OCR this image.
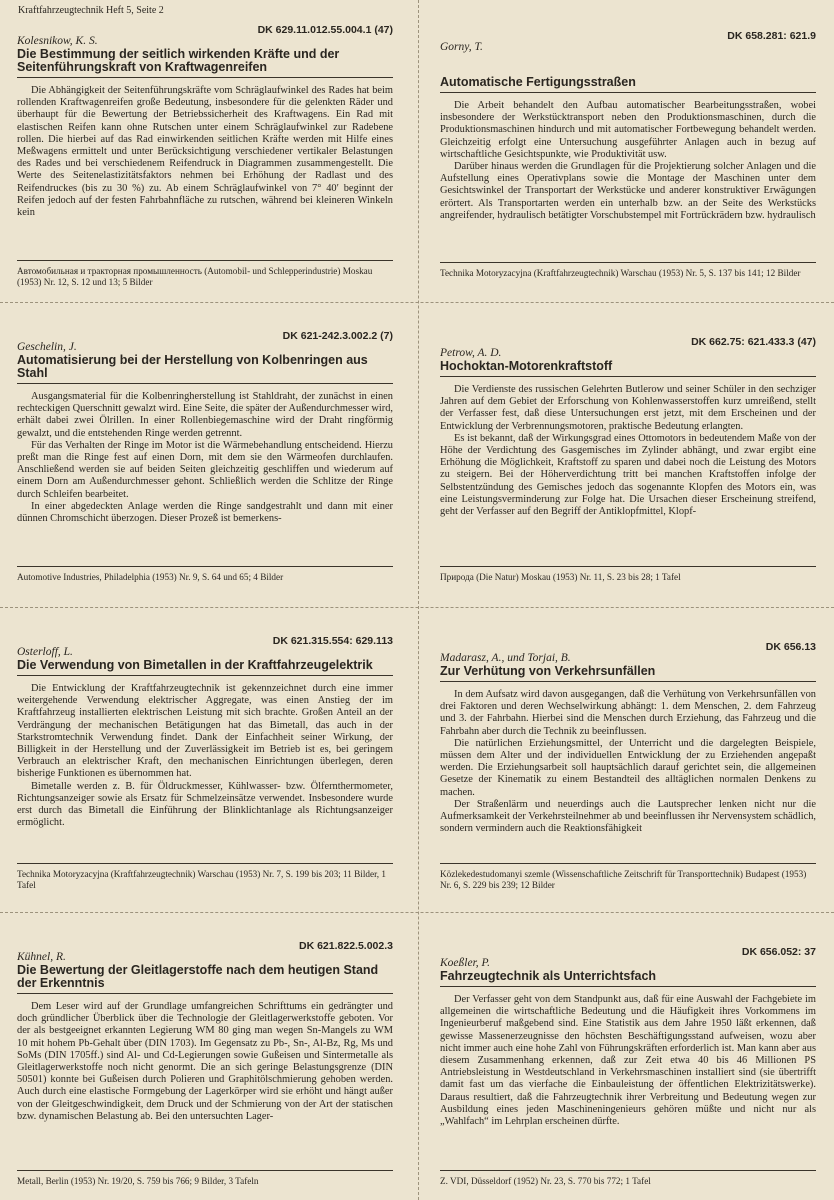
Kraftfahrzeugtechnik Heft 5, Seite 2
DK 629.11.012.55.004.1 (47)
Kolesnikow, K. S.
Die Bestimmung der seitlich wirkenden Kräfte und der Seitenführungskraft von Kraftwagenreifen

Die Abhängigkeit der Seitenführungskräfte vom Schräglaufwinkel des Rades hat beim rollenden Kraftwagenreifen große Bedeutung, insbesondere für die gelenkten Räder und überhaupt für die Bewertung der Betriebssicherheit des Kraftwagens. Ein Rad mit elastischen Reifen kann ohne Rutschen unter einem Schräglaufwinkel zur Radebene rollen. Die hierbei auf das Rad einwirkenden seitlichen Kräfte werden mit Hilfe eines Meßwagens ermittelt und unter Berücksichtigung verschiedener vertikaler Belastungen des Rades und bei verschiedenem Reifendruck in Diagrammen zusammengestellt. Die Werte des Seitenelastizitätsfaktors nehmen bei Erhöhung der Radlast und des Reifendruckes (bis zu 30 %) zu. Ab einem Schräglaufwinkel von 7° 40′ beginnt der Reifen jedoch auf der festen Fahrbahnfläche zu rutschen, während bei kleineren Winkeln kein

Автомобильная и тракторная промышленность (Automobil- und Schlepperindustrie) Moskau (1953) Nr. 12, S. 12 und 13; 5 Bilder
DK 658.281: 621.9
Gorny, T.
Automatische Fertigungsstraßen

Die Arbeit behandelt den Aufbau automatischer Bearbeitungsstraßen, wobei insbesondere der Werkstücktransport neben den Produktionsmaschinen, durch die Produktionsmaschinen hindurch und mit automatischer Fortbewegung behandelt werden. Gleichzeitig erfolgt eine Untersuchung ausgeführter Anlagen auch in bezug auf wirtschaftliche Gesichtspunkte, wie Produktivität usw.

Darüber hinaus werden die Grundlagen für die Projektierung solcher Anlagen und die Aufstellung eines Operativplans sowie die Montage der Maschinen unter dem Gesichtswinkel der Transportart der Werkstücke und anderer konstruktiver Erwägungen erörtert. Als Transportarten werden ein unterhalb bzw. an der Seite des Werkstücks angreifender, hydraulisch betätigter Vorschubstempel mit Fortrückrädern bzw. hydraulisch

Technika Motoryzacyjna (Kraftfahrzeugtechnik) Warschau (1953) Nr. 5, S. 137 bis 141; 12 Bilder
DK 621-242.3.002.2 (7)
Geschelin, J.
Automatisierung bei der Herstellung von Kolbenringen aus Stahl

Ausgangsmaterial für die Kolbenringherstellung ist Stahldraht, der zunächst in einen rechteckigen Querschnitt gewalzt wird. Eine Seite, die später der Außendurchmesser wird, erhält dabei zwei Ölrillen. In einer Rollenbiegemaschine wird der Draht ringförmig gewalzt, und die entstehenden Ringe werden getrennt.

Für das Verhalten der Ringe im Motor ist die Wärmebehandlung entscheidend. Hierzu preßt man die Ringe fest auf einen Dorn, mit dem sie den Wärmeofen durchlaufen. Anschließend werden sie auf beiden Seiten gleichzeitig geschliffen und wiederum auf einem Dorn am Außendurchmesser gehont. Schließlich werden die Schlitze der Ringe durch Schleifen bearbeitet.

In einer abgedeckten Anlage werden die Ringe sandgestrahlt und dann mit einer dünnen Chromschicht überzogen. Dieser Prozeß ist bemerkens-

Automotive Industries, Philadelphia (1953) Nr. 9, S. 64 und 65; 4 Bilder
DK 662.75: 621.433.3 (47)
Petrow, A. D.
Hochoktan-Motorenkraftstoff

Die Verdienste des russischen Gelehrten Butlerow und seiner Schüler in den sechziger Jahren auf dem Gebiet der Erforschung von Kohlenwasserstoffen kurz umreißend, stellt der Verfasser fest, daß diese Untersuchungen erst jetzt, mit dem Erscheinen und der Entwicklung der Verbrennungsmotoren, praktische Bedeutung erlangten.

Es ist bekannt, daß der Wirkungsgrad eines Ottomotors in bedeutendem Maße von der Höhe der Verdichtung des Gasgemisches im Zylinder abhängt, und zwar ergibt eine Erhöhung die Möglichkeit, Kraftstoff zu sparen und dabei noch die Leistung des Motors zu steigern. Bei der Höherverdichtung tritt bei manchen Kraftstoffen infolge der Selbstentzündung des Gemisches jedoch das sogenannte Klopfen des Motors ein, was eine Leistungsverminderung zur Folge hat. Die Ursachen dieser Erscheinung streifend, geht der Verfasser auf den Begriff der Antiklopfmittel, Klopf-

Природа (Die Natur) Moskau (1953) Nr. 11, S. 23 bis 28; 1 Tafel
DK 621.315.554: 629.113
Osterloff, L.
Die Verwendung von Bimetallen in der Kraftfahrzeugelektrik

Die Entwicklung der Kraftfahrzeugtechnik ist gekennzeichnet durch eine immer weitergehende Verwendung elektrischer Aggregate, was einen Anstieg der im Kraftfahrzeug installierten elektrischen Leistung mit sich brachte. Großen Anteil an der Verdrängung der mechanischen Betätigungen hat das Bimetall, das auch in der Starkstromtechnik Verwendung findet. Dank der Einfachheit seiner Wirkung, der Billigkeit in der Herstellung und der Zuverlässigkeit im Betrieb ist es, bei geringem Verbrauch an elektrischer Kraft, den mechanischen Einrichtungen überlegen, deren bisherige Funktionen es übernommen hat.

Bimetalle werden z. B. für Öldruckmesser, Kühlwasser- bzw. Ölfernthermometer, Richtungsanzeiger sowie als Ersatz für Schmelzeinsätze verwendet. Insbesondere wurde erst durch das Bimetall die Einführung der Blinklichtanlage als Richtungsanzeiger ermöglicht.

Technika Motoryzacyjna (Kraftfahrzeugtechnik) Warschau (1953) Nr. 7, S. 199 bis 203; 11 Bilder, 1 Tafel
DK 656.13
Madarasz, A., und Torjai, B.
Zur Verhütung von Verkehrsunfällen

In dem Aufsatz wird davon ausgegangen, daß die Verhütung von Verkehrsunfällen von drei Faktoren und deren Wechselwirkung abhängt: 1. dem Menschen, 2. dem Fahrzeug und 3. der Fahrbahn. Hierbei sind die Menschen durch Erziehung, das Fahrzeug und die Fahrbahn aber durch die Technik zu beeinflussen.

Die natürlichen Erziehungsmittel, der Unterricht und die dargelegten Beispiele, müssen dem Alter und der individuellen Entwicklung der zu Erziehenden angepaßt werden. Die Erziehungsarbeit soll hauptsächlich darauf gerichtet sein, die allgemeinen Gesetze der Kinematik zu einem Bestandteil des alltäglichen normalen Denkens zu machen.

Der Straßenlärm und neuerdings auch die Lautsprecher lenken nicht nur die Aufmerksamkeit der Verkehrsteilnehmer ab und beeinflussen ihr Nervensystem schädlich, sondern vermindern auch die Reaktionsfähigkeit

Közlekedestudomanyi szemle (Wissenschaftliche Zeitschrift für Transporttechnik) Budapest (1953) Nr. 6, S. 229 bis 239; 12 Bilder
DK 621.822.5.002.3
Kühnel, R.
Die Bewertung der Gleitlagerstoffe nach dem heutigen Stand der Erkenntnis

Dem Leser wird auf der Grundlage umfangreichen Schrifttums ein gedrängter und doch gründlicher Überblick über die Technologie der Gleitlagerwerkstoffe geboten. Vor der als bestgeeignet erkannten Legierung WM 80 ging man wegen Sn-Mangels zu WM 10 mit hohem Pb-Gehalt über (DIN 1703). Im Gegensatz zu Pb-, Sn-, Al-Bz, Rg, Ms und SoMs (DIN 1705ff.) sind Al- und Cd-Legierungen sowie Gußeisen und Sintermetalle als Gleitlagerwerkstoffe noch nicht genormt. Die an sich geringe Belastungsgrenze (DIN 50501) konnte bei Gußeisen durch Polieren und Graphitölschmierung gehoben werden. Auch durch eine elastische Formgebung der Lagerkörper wird sie erhöht und hängt außer von der Gleitgeschwindigkeit, dem Druck und der Schmierung von der Art der statischen bzw. dynamischen Belastung ab. Bei den untersuchten Lager-

Metall, Berlin (1953) Nr. 19/20, S. 759 bis 766; 9 Bilder, 3 Tafeln
DK 656.052: 37
Koeßler, P.
Fahrzeugtechnik als Unterrichtsfach

Der Verfasser geht von dem Standpunkt aus, daß für eine Auswahl der Fachgebiete im allgemeinen die wirtschaftliche Bedeutung und die Häufigkeit ihres Vorkommens im Ingenieurberuf maßgebend sind. Eine Statistik aus dem Jahre 1950 läßt erkennen, daß gewisse Massenerzeugnisse den höchsten Beschäftigungsstand aufweisen, wozu aber nicht immer auch eine hohe Zahl von Führungskräften erforderlich ist. Man kann aber aus diesem Zusammenhang erkennen, daß zur Zeit etwa 40 bis 46 Millionen PS Antriebsleistung in Westdeutschland in Verkehrsmaschinen installiert sind (sie übertrifft damit fast um das vierfache die Einbauleistung der öffentlichen Elektrizitätswerke). Daraus resultiert, daß die Fahrzeugtechnik ihrer Verbreitung und Bedeutung wegen zur Ausbildung eines jeden Maschineningenieurs gehören müßte und nicht nur als „Wahlfach“ im Lehrplan erscheinen dürfte.

Z. VDI, Düsseldorf (1952) Nr. 23, S. 770 bis 772; 1 Tafel
